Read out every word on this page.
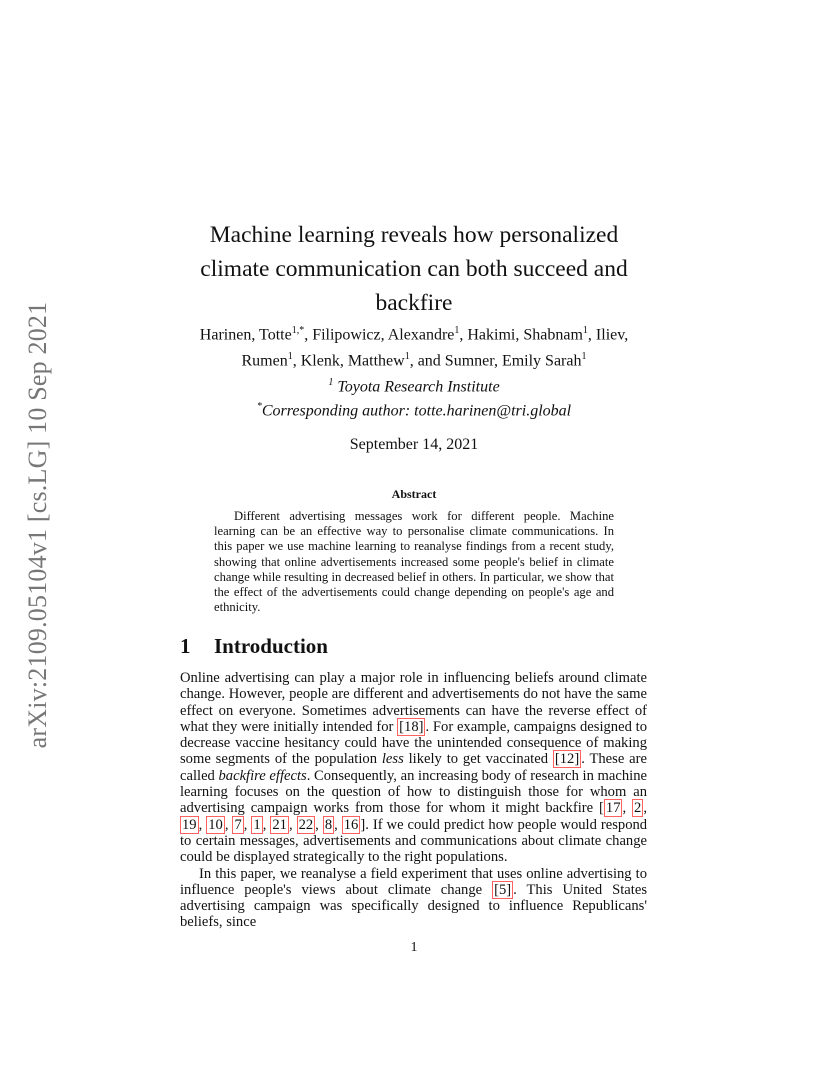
arXiv:2109.05104v1 [cs.LG] 10 Sep 2021
Machine learning reveals how personalized climate communication can both succeed and backfire
Harinen, Totte$^{1,*}$, Filipowicz, Alexandre$^1$, Hakimi, Shabnam$^1$, Iliev, Rumen$^1$, Klenk, Matthew$^1$, and Sumner, Emily Sarah$^1$
$^1$ Toyota Research Institute
*Corresponding author: totte.harinen@tri.global
September 14, 2021
Abstract
Different advertising messages work for different people. Machine learning can be an effective way to personalise climate communications. In this paper we use machine learning to reanalyse findings from a recent study, showing that online advertisements increased some people's belief in climate change while resulting in decreased belief in others. In particular, we show that the effect of the advertisements could change depending on people's age and ethnicity.
1 Introduction

Online advertising can play a major role in influencing beliefs around climate change. However, people are different and advertisements do not have the same effect on everyone. Sometimes advertisements can have the reverse effect of what they were initially intended for [18] . For example, campaigns designed to decrease vaccine hesitancy could have the unintended consequence of making some segments of the population less likely to get vaccinated [12] . These are called backfire effects. Consequently, an increasing body of research in machine learning focuses on the question of how to distinguish those for whom an advertising campaign works from those for whom it might backfire [ 17 , 2 , 19 , 10 , 7 , 1 , 21 , 22 , 8 , 16 ]. If we could predict how people would respond to certain messages, advertisements and communications about climate change could be displayed strategically to the right populations.

In this paper, we reanalyse a field experiment that uses online advertising to influence people's views about climate change [5] . This United States advertising campaign was specifically designed to influence Republicans' beliefs, since

1
